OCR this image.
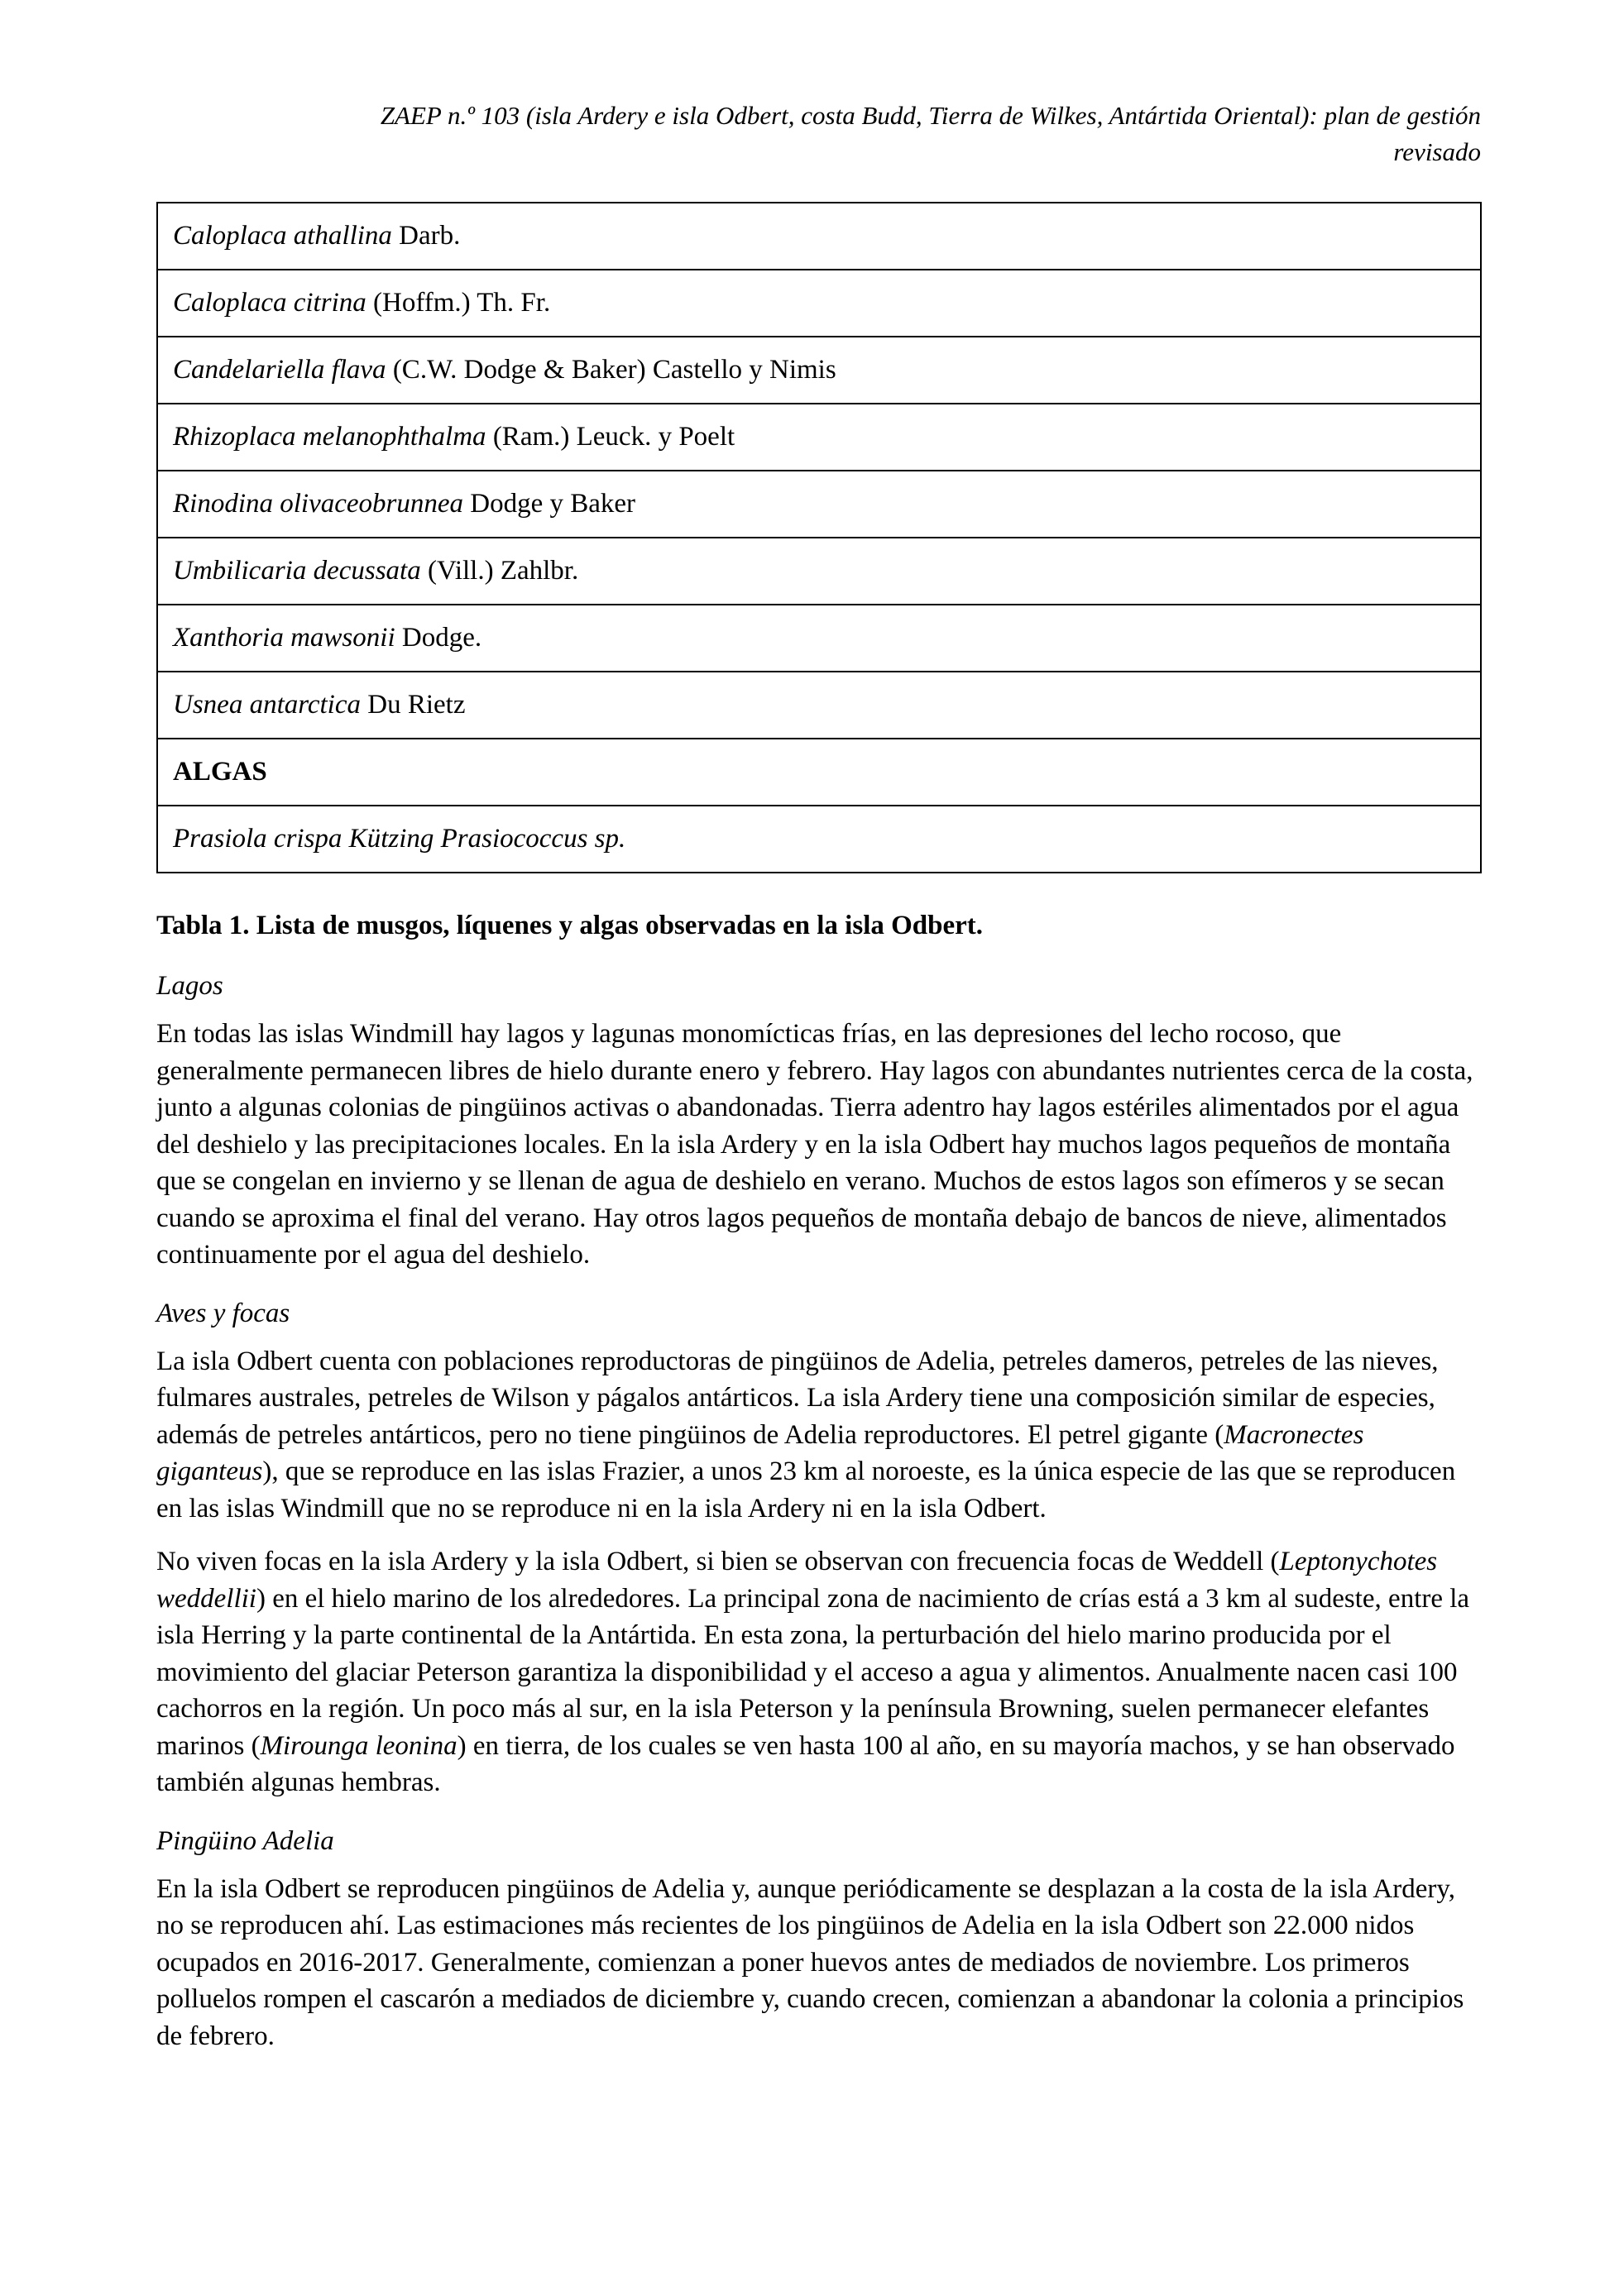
ZAEP n.º 103 (isla Ardery e isla Odbert, costa Budd, Tierra de Wilkes, Antártida Oriental): plan de gestión
revisado
Caloplaca athallina Darb.
Caloplaca citrina (Hoffm.) Th. Fr.
Candelariella flava (C.W. Dodge & Baker) Castello y Nimis
Rhizoplaca melanophthalma (Ram.) Leuck. y Poelt
Rinodina olivaceobrunnea Dodge y Baker
Umbilicaria decussata (Vill.) Zahlbr.
Xanthoria mawsonii Dodge.
Usnea antarctica Du Rietz
ALGAS
Prasiola crispa Kützing Prasiococcus sp.
Tabla 1. Lista de musgos, líquenes y algas observadas en la isla Odbert.
Lagos

En todas las islas Windmill hay lagos y lagunas monomícticas frías, en las depresiones del lecho rocoso, que generalmente permanecen libres de hielo durante enero y febrero. Hay lagos con abundantes nutrientes cerca de la costa, junto a algunas colonias de pingüinos activas o abandonadas. Tierra adentro hay lagos estériles alimentados por el agua del deshielo y las precipitaciones locales. En la isla Ardery y en la isla Odbert hay muchos lagos pequeños de montaña que se congelan en invierno y se llenan de agua de deshielo en verano. Muchos de estos lagos son efímeros y se secan cuando se aproxima el final del verano. Hay otros lagos pequeños de montaña debajo de bancos de nieve, alimentados continuamente por el agua del deshielo.

Aves y focas

La isla Odbert cuenta con poblaciones reproductoras de pingüinos de Adelia, petreles dameros, petreles de las nieves, fulmares australes, petreles de Wilson y págalos antárticos. La isla Ardery tiene una composición similar de especies, además de petreles antárticos, pero no tiene pingüinos de Adelia reproductores. El petrel gigante (Macronectes giganteus), que se reproduce en las islas Frazier, a unos 23 km al noroeste, es la única especie de las que se reproducen en las islas Windmill que no se reproduce ni en la isla Ardery ni en la isla Odbert.

No viven focas en la isla Ardery y la isla Odbert, si bien se observan con frecuencia focas de Weddell (Leptonychotes weddellii) en el hielo marino de los alrededores. La principal zona de nacimiento de crías está a 3 km al sudeste, entre la isla Herring y la parte continental de la Antártida. En esta zona, la perturbación del hielo marino producida por el movimiento del glaciar Peterson garantiza la disponibilidad y el acceso a agua y alimentos. Anualmente nacen casi 100 cachorros en la región. Un poco más al sur, en la isla Peterson y la península Browning, suelen permanecer elefantes marinos (Mirounga leonina) en tierra, de los cuales se ven hasta 100 al año, en su mayoría machos, y se han observado también algunas hembras.

Pingüino Adelia

En la isla Odbert se reproducen pingüinos de Adelia y, aunque periódicamente se desplazan a la costa de la isla Ardery, no se reproducen ahí. Las estimaciones más recientes de los pingüinos de Adelia en la isla Odbert son 22.000 nidos ocupados en 2016-2017. Generalmente, comienzan a poner huevos antes de mediados de noviembre. Los primeros polluelos rompen el cascarón a mediados de diciembre y, cuando crecen, comienzan a abandonar la colonia a principios de febrero.
